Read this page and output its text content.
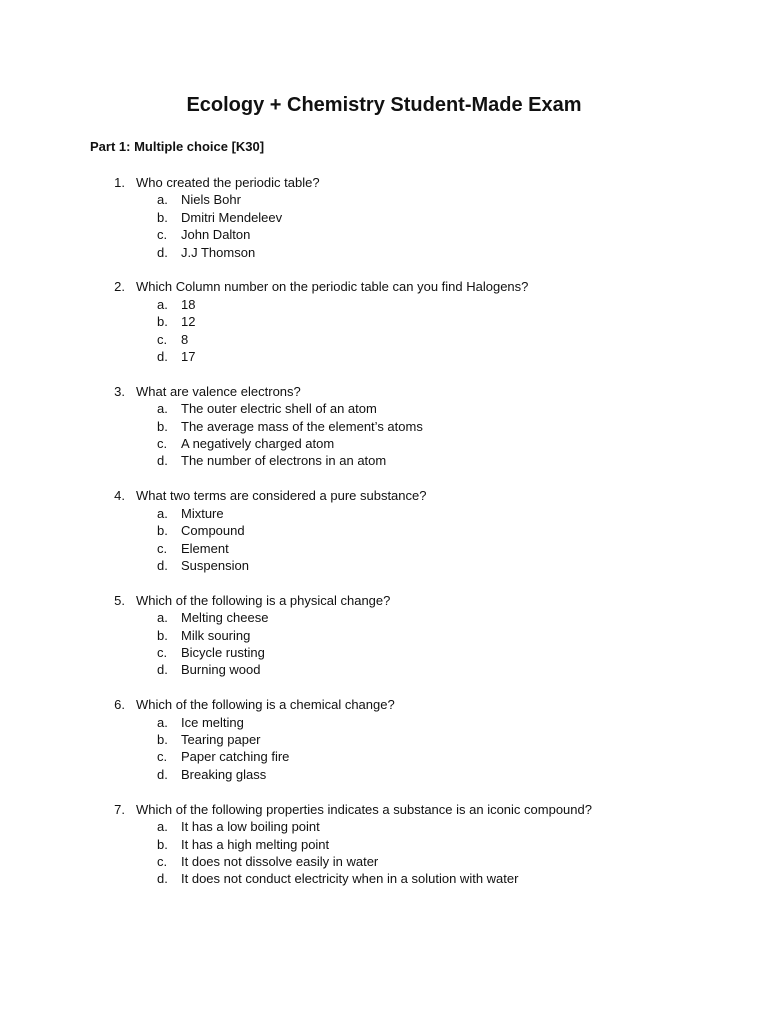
Ecology + Chemistry Student-Made Exam
Part 1: Multiple choice [K30]
1. Who created the periodic table?
a. Niels Bohr
b. Dmitri Mendeleev
c. John Dalton
d. J.J Thomson
2. Which Column number on the periodic table can you find Halogens?
a. 18
b. 12
c. 8
d. 17
3. What are valence electrons?
a. The outer electric shell of an atom
b. The average mass of the element’s atoms
c. A negatively charged atom
d. The number of electrons in an atom
4. What two terms are considered a pure substance?
a. Mixture
b. Compound
c. Element
d. Suspension
5. Which of the following is a physical change?
a. Melting cheese
b. Milk souring
c. Bicycle rusting
d. Burning wood
6. Which of the following is a chemical change?
a. Ice melting
b. Tearing paper
c. Paper catching fire
d. Breaking glass
7. Which of the following properties indicates a substance is an iconic compound?
a. It has a low boiling point
b. It has a high melting point
c. It does not dissolve easily in water
d. It does not conduct electricity when in a solution with water
